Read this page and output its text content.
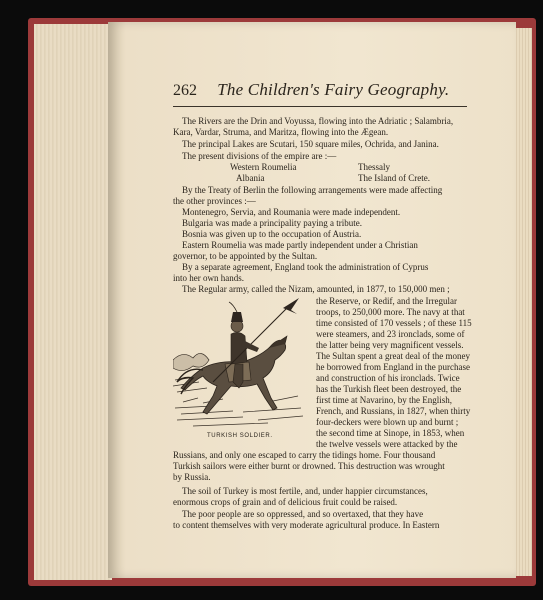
262 The Children's Fairy Geography.
The Rivers are the Drin and Voyussa, flowing into the Adriatic ; Salambria,
Kara, Vardar, Struma, and Maritza, flowing into the Ægean.
The principal Lakes are Scutari, 150 square miles, Ochrida, and Janina.
The present divisions of the empire are :—
Western Roumelia	Thessaly
Albania	The Island of Crete.
By the Treaty of Berlin the following arrangements were made affecting
the other provinces :—
Montenegro, Servia, and Roumania were made independent.
Bulgaria was made a principality paying a tribute.
Bosnia was given up to the occupation of Austria.
Eastern Roumelia was made partly independent under a Christian
governor, to be appointed by the Sultan.
By a separate agreement, England took the administration of Cyprus
into her own hands.
The Regular army, called the Nizam, amounted, in 1877, to 150,000 men ;
the Reserve, or Redif, and the Irregular
troops, to 250,000 more. The navy at that
time consisted of 170 vessels ; of these 115
were steamers, and 23 ironclads, some of
the latter being very magnificent vessels.
The Sultan spent a great deal of the money
he borrowed from England in the purchase
and construction of his ironclads. Twice
has the Turkish fleet been destroyed, the
first time at Navarino, by the English,
French, and Russians, in 1827, when thirty
four-deckers were blown up and burnt ;
the second time at Sinope, in 1853, when
the twelve vessels were attacked by the
Russians, and only one escaped to carry the tidings home. Four thousand
Turkish sailors were either burnt or drowned. This destruction was wrought
by Russia.
The soil of Turkey is most fertile, and, under happier circumstances,
enormous crops of grain and of delicious fruit could be raised.
The poor people are so oppressed, and so overtaxed, that they have
to content themselves with very moderate agricultural produce. In Eastern
TURKISH SOLDIER.
